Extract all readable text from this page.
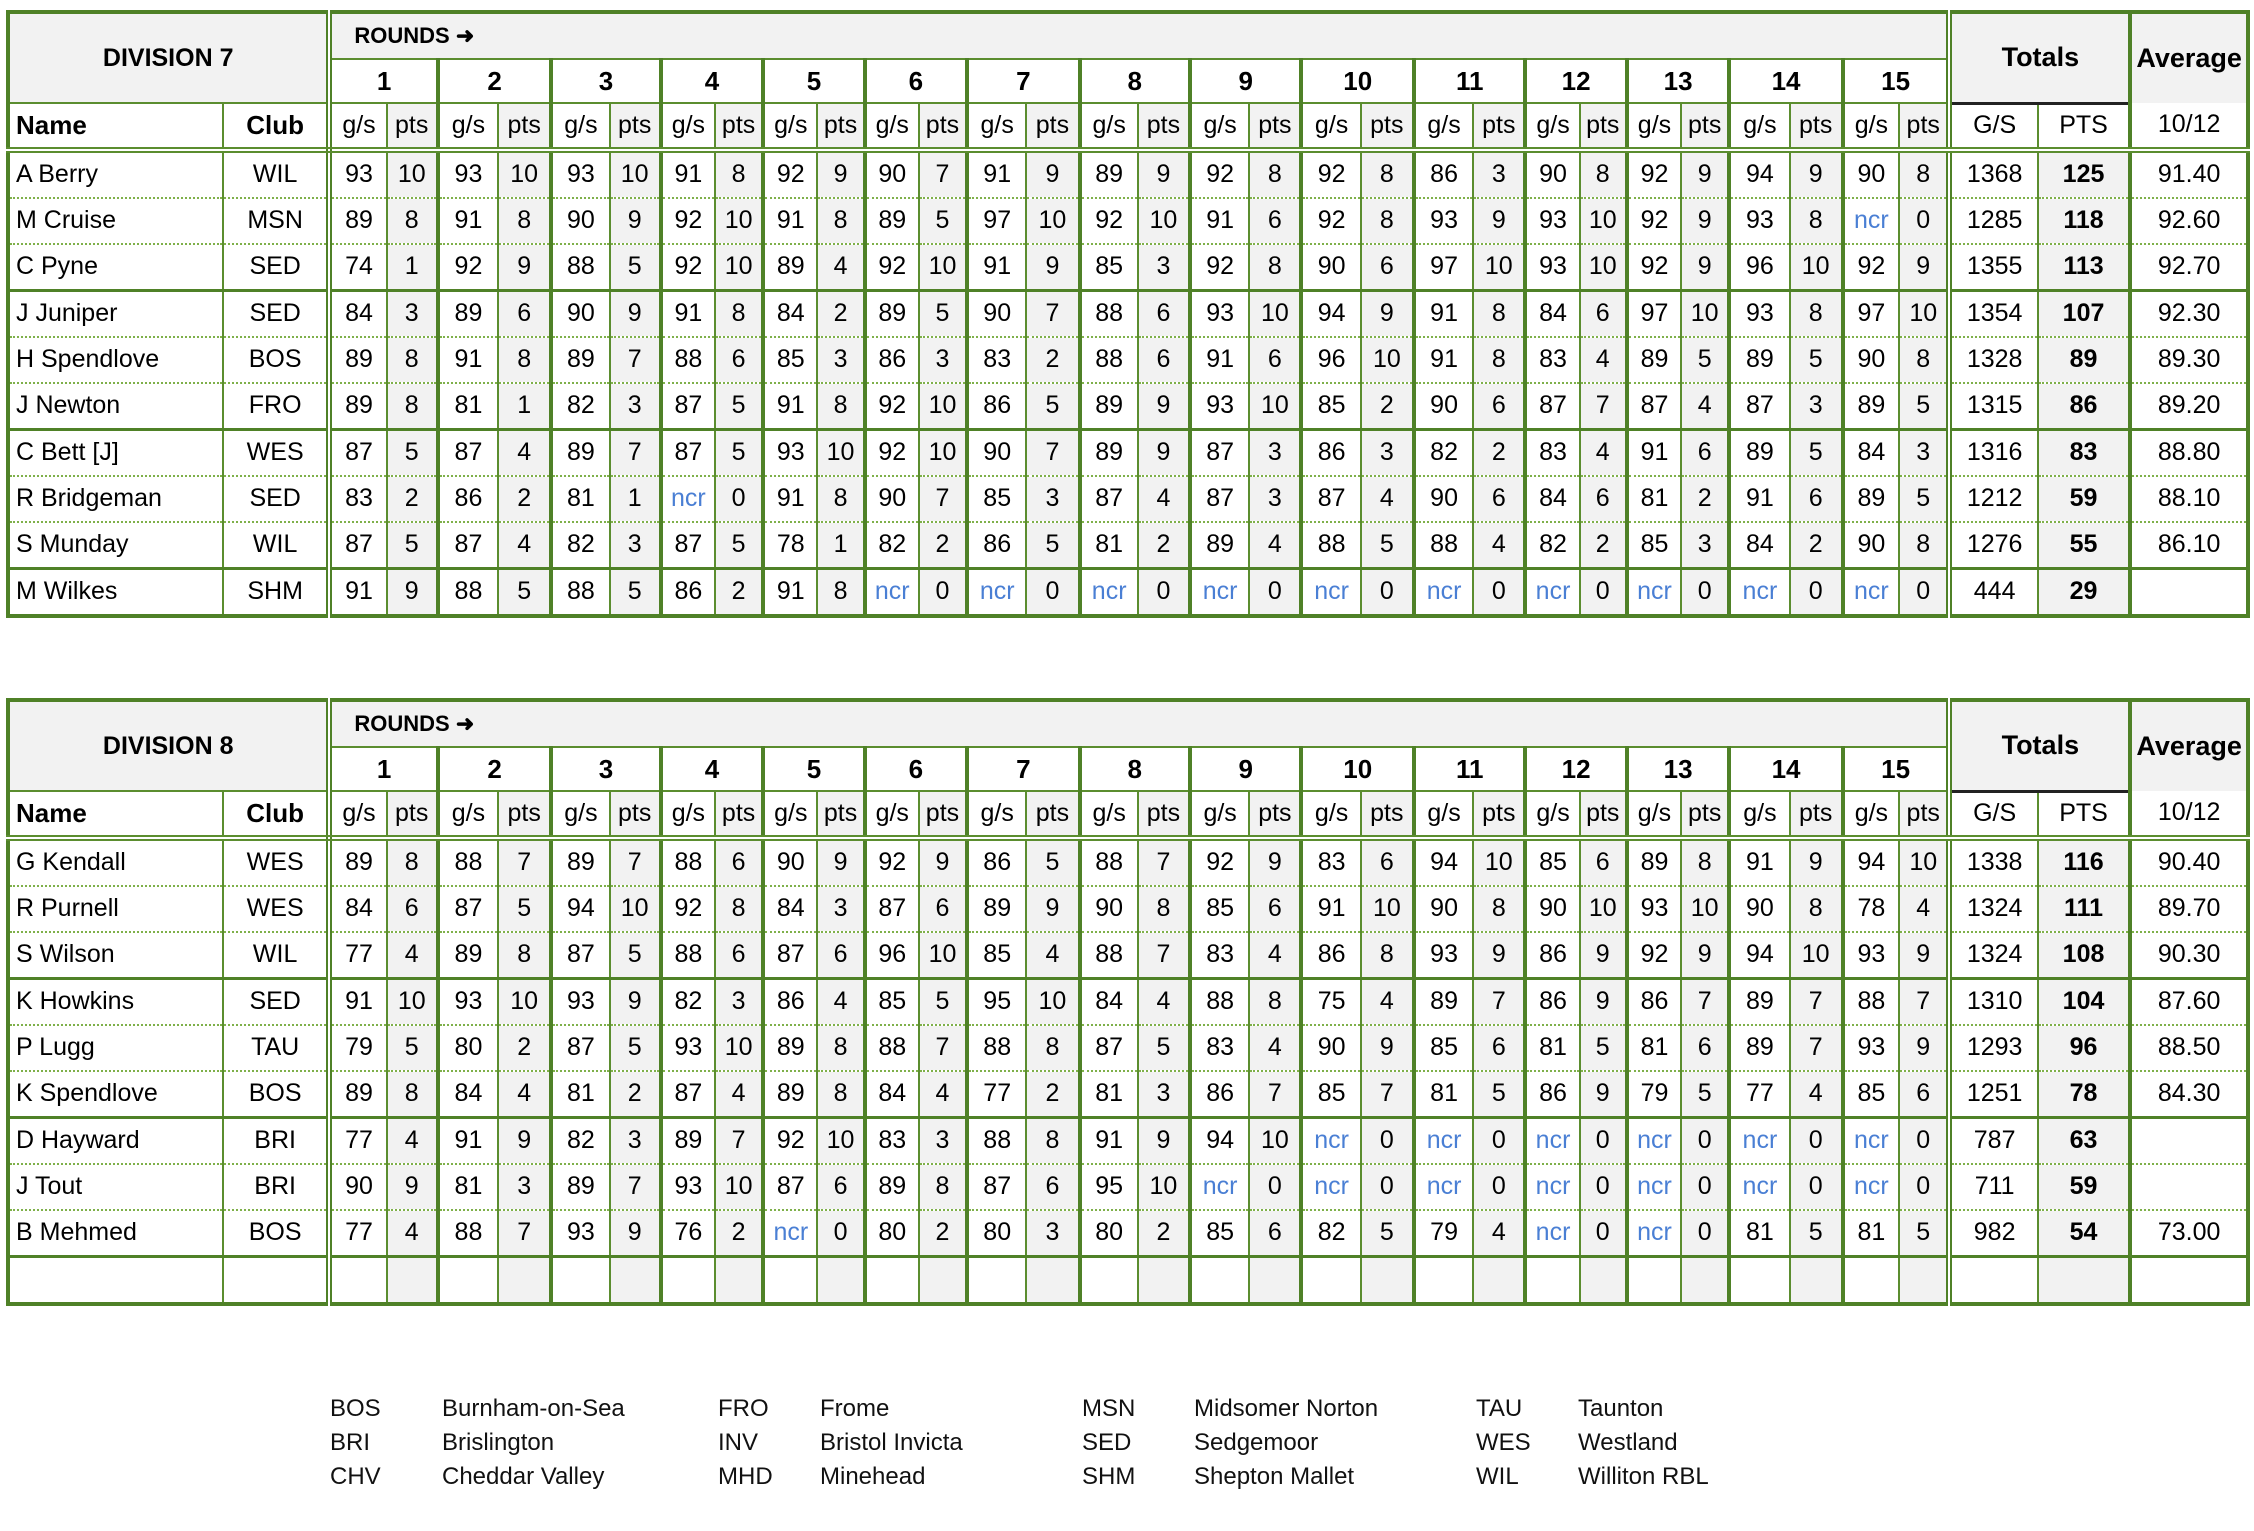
DIVISION 7		ROUNDS ➜																														Totals		Average
		1		2		3		4		5		6		7		8		9		10		11		12		13		14		15				
Name	Club	g/s	pts	g/s	pts	g/s	pts	g/s	pts	g/s	pts	g/s	pts	g/s	pts	g/s	pts	g/s	pts	g/s	pts	g/s	pts	g/s	pts	g/s	pts	g/s	pts	g/s	pts	G/S	PTS	10/12
A Berry	WIL	93	10	93	10	93	10	91	8	92	9	90	7	91	9	89	9	92	8	92	8	86	3	90	8	92	9	94	9	90	8	1368	125	91.40
M Cruise	MSN	89	8	91	8	90	9	92	10	91	8	89	5	97	10	92	10	91	6	92	8	93	9	93	10	92	9	93	8	ncr	0	1285	118	92.60
C Pyne	SED	74	1	92	9	88	5	92	10	89	4	92	10	91	9	85	3	92	8	90	6	97	10	93	10	92	9	96	10	92	9	1355	113	92.70
J Juniper	SED	84	3	89	6	90	9	91	8	84	2	89	5	90	7	88	6	93	10	94	9	91	8	84	6	97	10	93	8	97	10	1354	107	92.30
H Spendlove	BOS	89	8	91	8	89	7	88	6	85	3	86	3	83	2	88	6	91	6	96	10	91	8	83	4	89	5	89	5	90	8	1328	89	89.30
J Newton	FRO	89	8	81	1	82	3	87	5	91	8	92	10	86	5	89	9	93	10	85	2	90	6	87	7	87	4	87	3	89	5	1315	86	89.20
C Bett [J]	WES	87	5	87	4	89	7	87	5	93	10	92	10	90	7	89	9	87	3	86	3	82	2	83	4	91	6	89	5	84	3	1316	83	88.80
R Bridgeman	SED	83	2	86	2	81	1	ncr	0	91	8	90	7	85	3	87	4	87	3	87	4	90	6	84	6	81	2	91	6	89	5	1212	59	88.10
S Munday	WIL	87	5	87	4	82	3	87	5	78	1	82	2	86	5	81	2	89	4	88	5	88	4	82	2	85	3	84	2	90	8	1276	55	86.10
M Wilkes	SHM	91	9	88	5	88	5	86	2	91	8	ncr	0	ncr	0	ncr	0	ncr	0	ncr	0	ncr	0	ncr	0	ncr	0	ncr	0	ncr	0	444	29	
DIVISION 8		ROUNDS ➜																														Totals		Average
		1		2		3		4		5		6		7		8		9		10		11		12		13		14		15				
Name	Club	g/s	pts	g/s	pts	g/s	pts	g/s	pts	g/s	pts	g/s	pts	g/s	pts	g/s	pts	g/s	pts	g/s	pts	g/s	pts	g/s	pts	g/s	pts	g/s	pts	g/s	pts	G/S	PTS	10/12
G Kendall	WES	89	8	88	7	89	7	88	6	90	9	92	9	86	5	88	7	92	9	83	6	94	10	85	6	89	8	91	9	94	10	1338	116	90.40
R Purnell	WES	84	6	87	5	94	10	92	8	84	3	87	6	89	9	90	8	85	6	91	10	90	8	90	10	93	10	90	8	78	4	1324	111	89.70
S Wilson	WIL	77	4	89	8	87	5	88	6	87	6	96	10	85	4	88	7	83	4	86	8	93	9	86	9	92	9	94	10	93	9	1324	108	90.30
K Howkins	SED	91	10	93	10	93	9	82	3	86	4	85	5	95	10	84	4	88	8	75	4	89	7	86	9	86	7	89	7	88	7	1310	104	87.60
P Lugg	TAU	79	5	80	2	87	5	93	10	89	8	88	7	88	8	87	5	83	4	90	9	85	6	81	5	81	6	89	7	93	9	1293	96	88.50
K Spendlove	BOS	89	8	84	4	81	2	87	4	89	8	84	4	77	2	81	3	86	7	85	7	81	5	86	9	79	5	77	4	85	6	1251	78	84.30
D Hayward	BRI	77	4	91	9	82	3	89	7	92	10	83	3	88	8	91	9	94	10	ncr	0	ncr	0	ncr	0	ncr	0	ncr	0	ncr	0	787	63	
J Tout	BRI	90	9	81	3	89	7	93	10	87	6	89	8	87	6	95	10	ncr	0	ncr	0	ncr	0	ncr	0	ncr	0	ncr	0	ncr	0	711	59	
B Mehmed	BOS	77	4	88	7	93	9	76	2	ncr	0	80	2	80	3	80	2	85	6	82	5	79	4	ncr	0	ncr	0	81	5	81	5	982	54	73.00

BOS	Burnham-on-Sea
BRI	Brislington
CHV	Cheddar Valley
FRO Frome
INV	Bristol Invicta
MHD Minehead
MSN Midsomer Norton
SED	Sedgemoor
SHM Shepton Mallet
TAU Taunton
WES Westland
WIL Williton RBL
